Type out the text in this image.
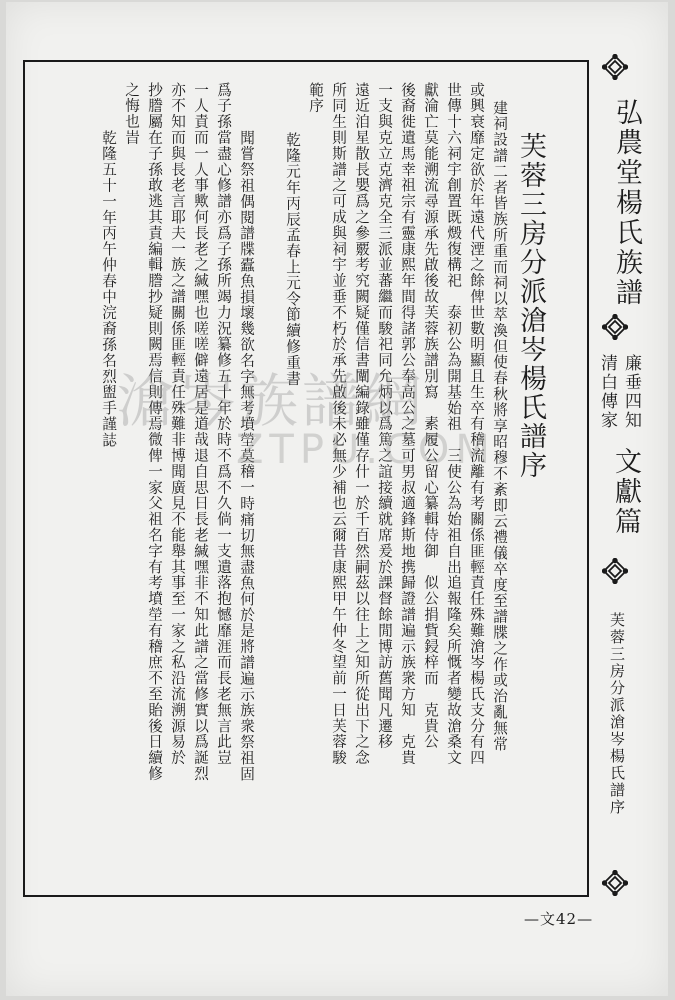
芙蓉三房分派滄岑楊氏譜序
建祠設譜二者皆族所重而祠以萃渙但使春秋將享昭穆不紊即云禮儀卒度至譜牒之作或治亂無常
或興衰靡定欲於年遠代湮之餘俾世數明顯且生卒有稽流離有考關係匪輕責任殊難滄岑楊氏支分有四
世傳十六祠宇創置既燬復構祀　泰初公為開基始祖　三使公為始祖自出追報隆矣所慨者變故滄桑文
獻淪亡莫能溯流尋源承先啟後故芙蓉族譜別寫　素履公留心纂輯侍御　似公捐貲鋟梓而　克貴公
後裔徙遺馬幸祖宗有靈康熙年間得諸郭公奉高公之墓可男叔適鋒斯地携歸證譜遍示族衆方知　克貴
一支與克立克濟克全三派並蕃繼而駿祀同允炳以爲篤之誼接續就席爰於課督餘閒博訪舊聞凡遷移
遠近洎星散長嬰爲之參覈考究闕疑僅信書闡編錄雖僅存什一於千百然嗣茲以往上之知所從出下之念
所同生則斯譜之可成與祠宇並垂不朽於承先啟後未必無少補也云爾昔康熙甲午仲冬望前一日芙蓉駿
範序
乾隆元年丙辰孟春上元令節續修重書
聞嘗祭祖偶閱譜牒蠹魚損壞幾欲名字無考墳塋莫稽一時痛切無盡魚何於是將譜遍示族衆祭祖固
爲子孫當盡心修譜亦爲子孫所竭力況纂修五十年於時不爲不久倘一支遺落抱憾靡涯而長老無言此豈
一人責而一人事歟何長老之緘嘿也嗟嗟僻遠居是道哉退自思日長老緘嘿非不知此譜之當修實以爲誕烈
亦不知而與長老言耶夫一族之譜關係匪輕責任殊難非博聞廣見不能舉其事至一家之私沿流溯源易於
抄謄屬在子孫敢逃其責編輯謄抄疑則闕焉信則傳焉微俾一家父祖名字有考墳塋有稽庶不至貽後日續修
之悔也旹
乾隆五十一年丙午仲春中浣裔孫名烈盥手謹誌	弘農堂楊氏族譜
廉垂四知
清白傳家
文獻篇
芙蓉三房分派滄岑楊氏譜序
滄岑族譜網
ZTPU.COM
—文42—
